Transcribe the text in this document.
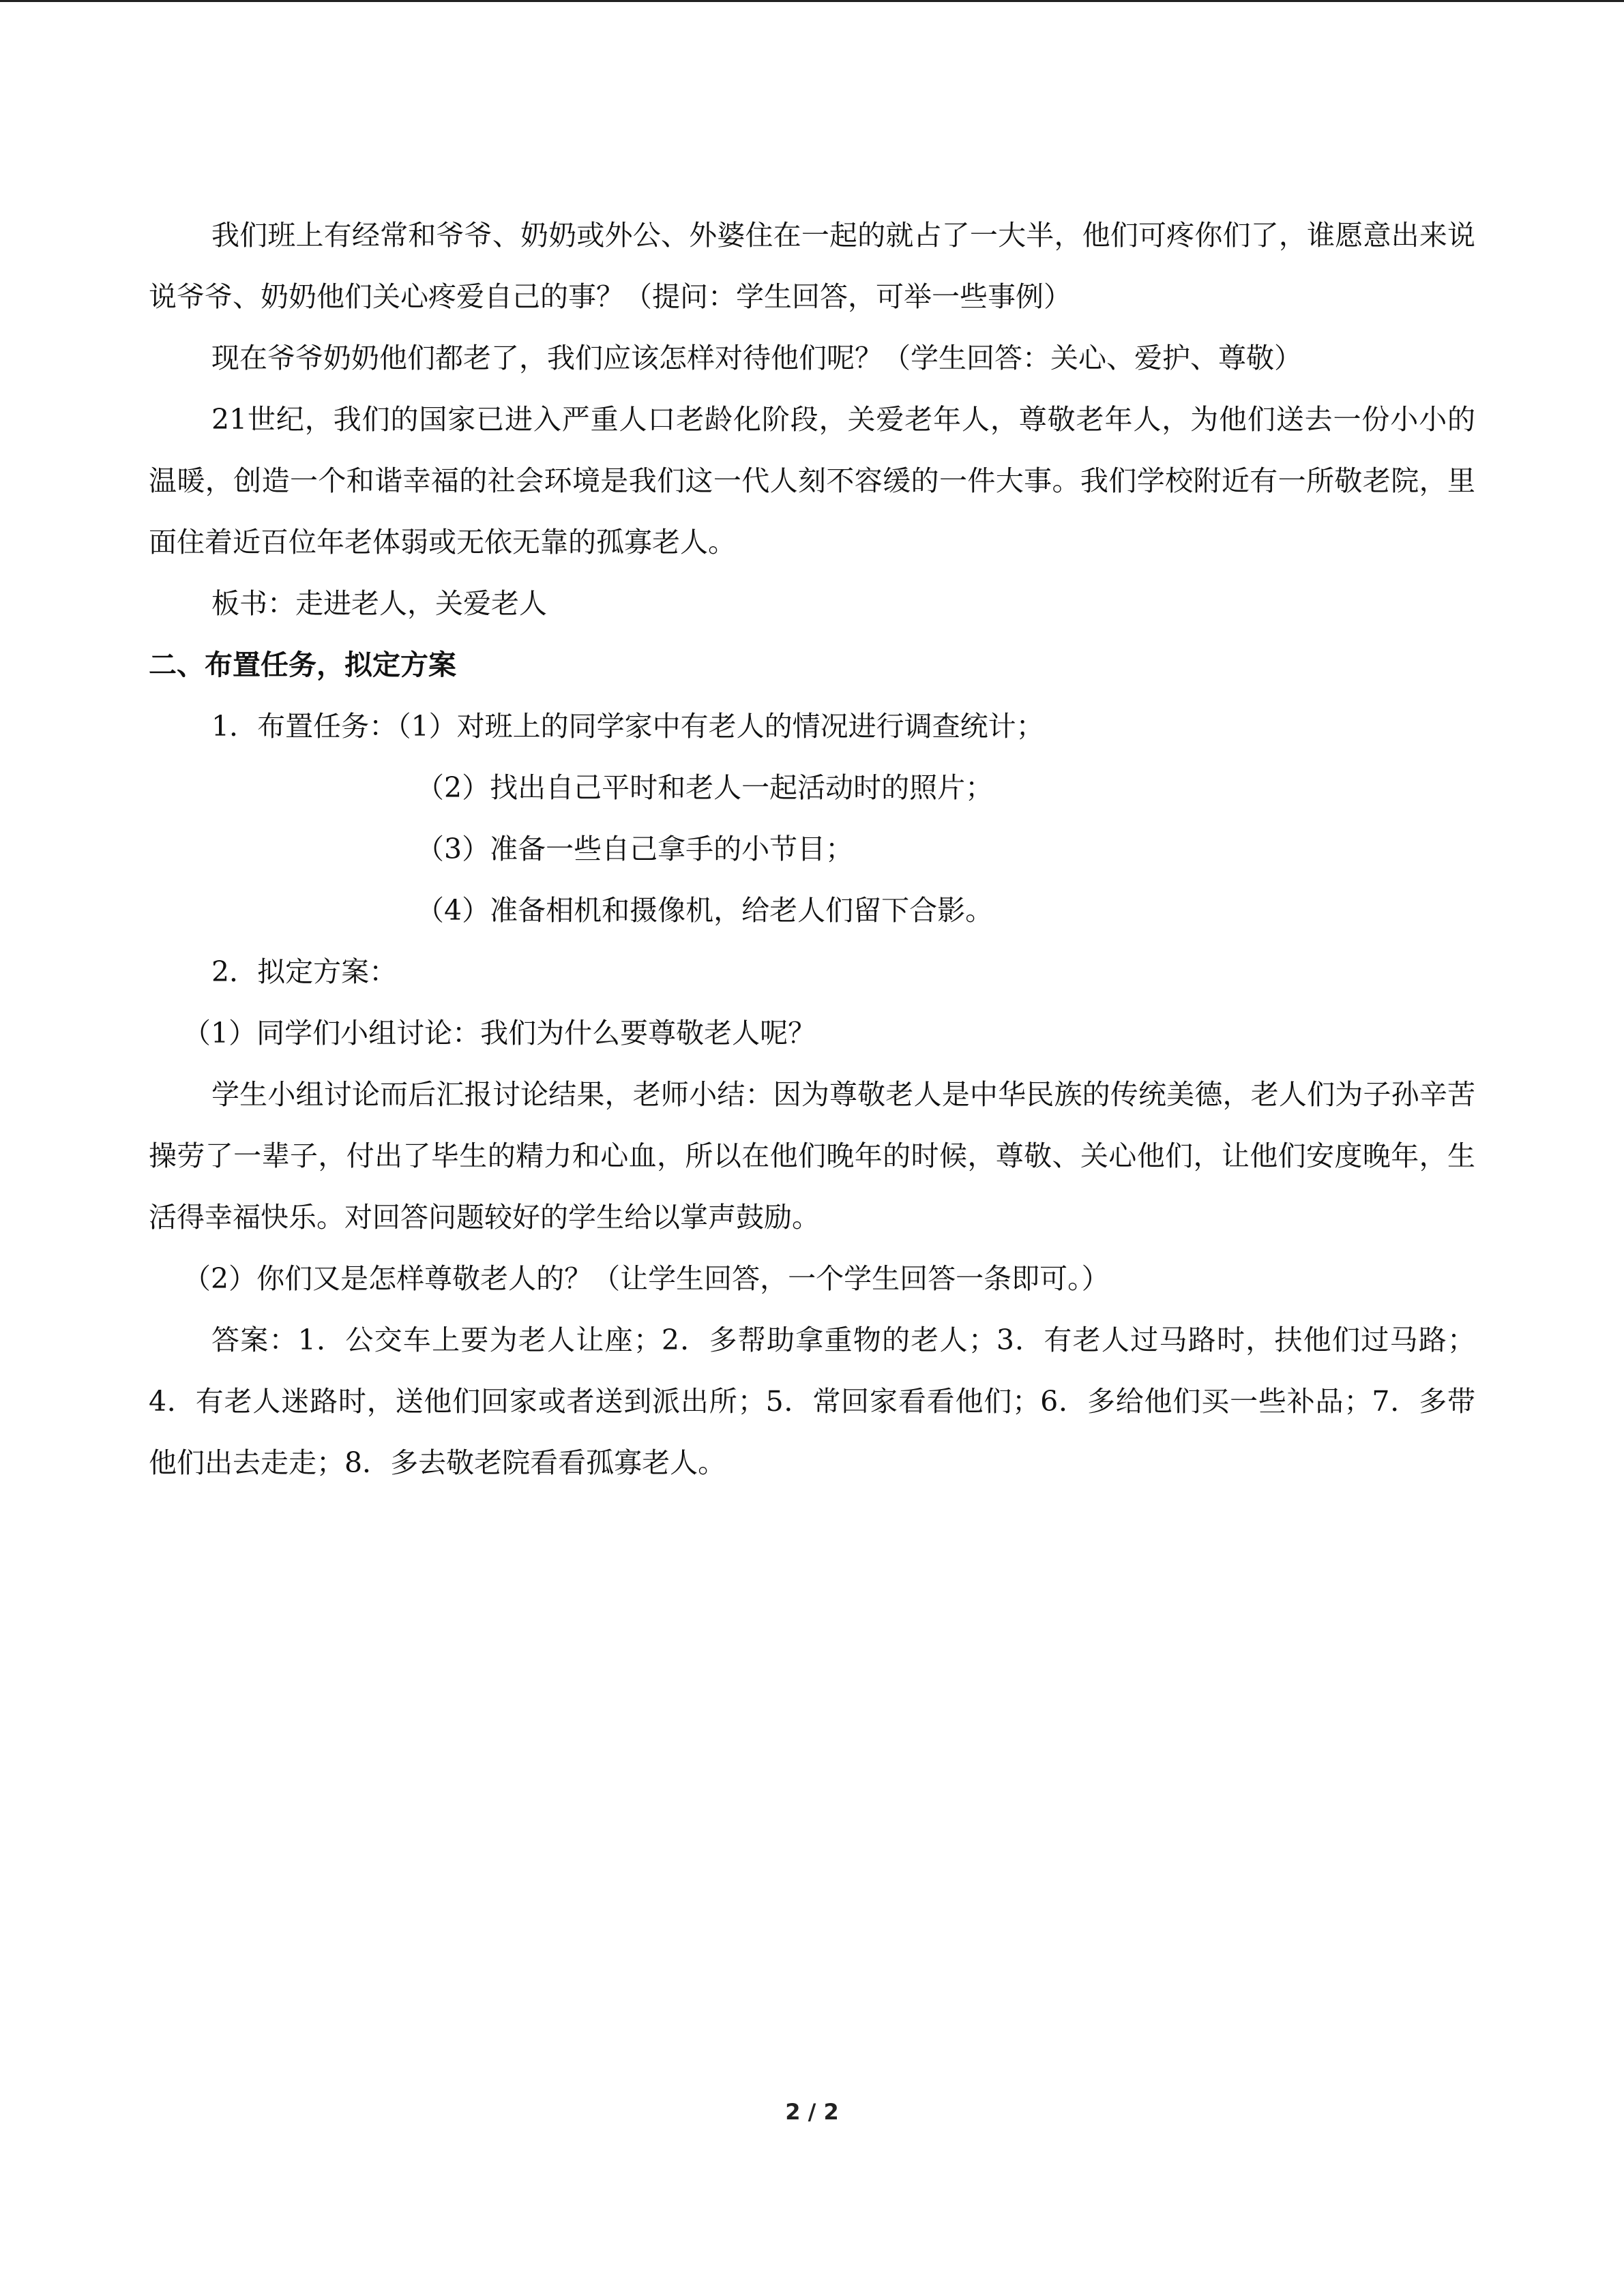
我们班上有经常和爷爷、奶奶或外公、外婆住在一起的就占了一大半，他们可疼你们了，谁愿意出来说说爷爷、奶奶他们关心疼爱自己的事？（提问：学生回答，可举一些事例）

现在爷爷奶奶他们都老了，我们应该怎样对待他们呢？（学生回答：关心、爱护、尊敬）

21世纪，我们的国家已进入严重人口老龄化阶段，关爱老年人，尊敬老年人，为他们送去一份小小的温暖，创造一个和谐幸福的社会环境是我们这一代人刻不容缓的一件大事。我们学校附近有一所敬老院，里面住着近百位年老体弱或无依无靠的孤寡老人。

板书：走进老人，关爱老人

二、布置任务，拟定方案

1．布置任务：（1）对班上的同学家中有老人的情况进行调查统计；

（2）找出自己平时和老人一起活动时的照片；

（3）准备一些自己拿手的小节目；

（4）准备相机和摄像机，给老人们留下合影。

2．拟定方案：

（1）同学们小组讨论：我们为什么要尊敬老人呢？

学生小组讨论而后汇报讨论结果，老师小结：因为尊敬老人是中华民族的传统美德，老人们为子孙辛苦操劳了一辈子，付出了毕生的精力和心血，所以在他们晚年的时候，尊敬、关心他们，让他们安度晚年，生活得幸福快乐。对回答问题较好的学生给以掌声鼓励。

（2）你们又是怎样尊敬老人的？（让学生回答，一个学生回答一条即可。）

答案：1．公交车上要为老人让座；2．多帮助拿重物的老人；3．有老人过马路时，扶他们过马路；4．有老人迷路时，送他们回家或者送到派出所；5．常回家看看他们；6．多给他们买一些补品；7．多带他们出去走走；8．多去敬老院看看孤寡老人。

2 / 2
